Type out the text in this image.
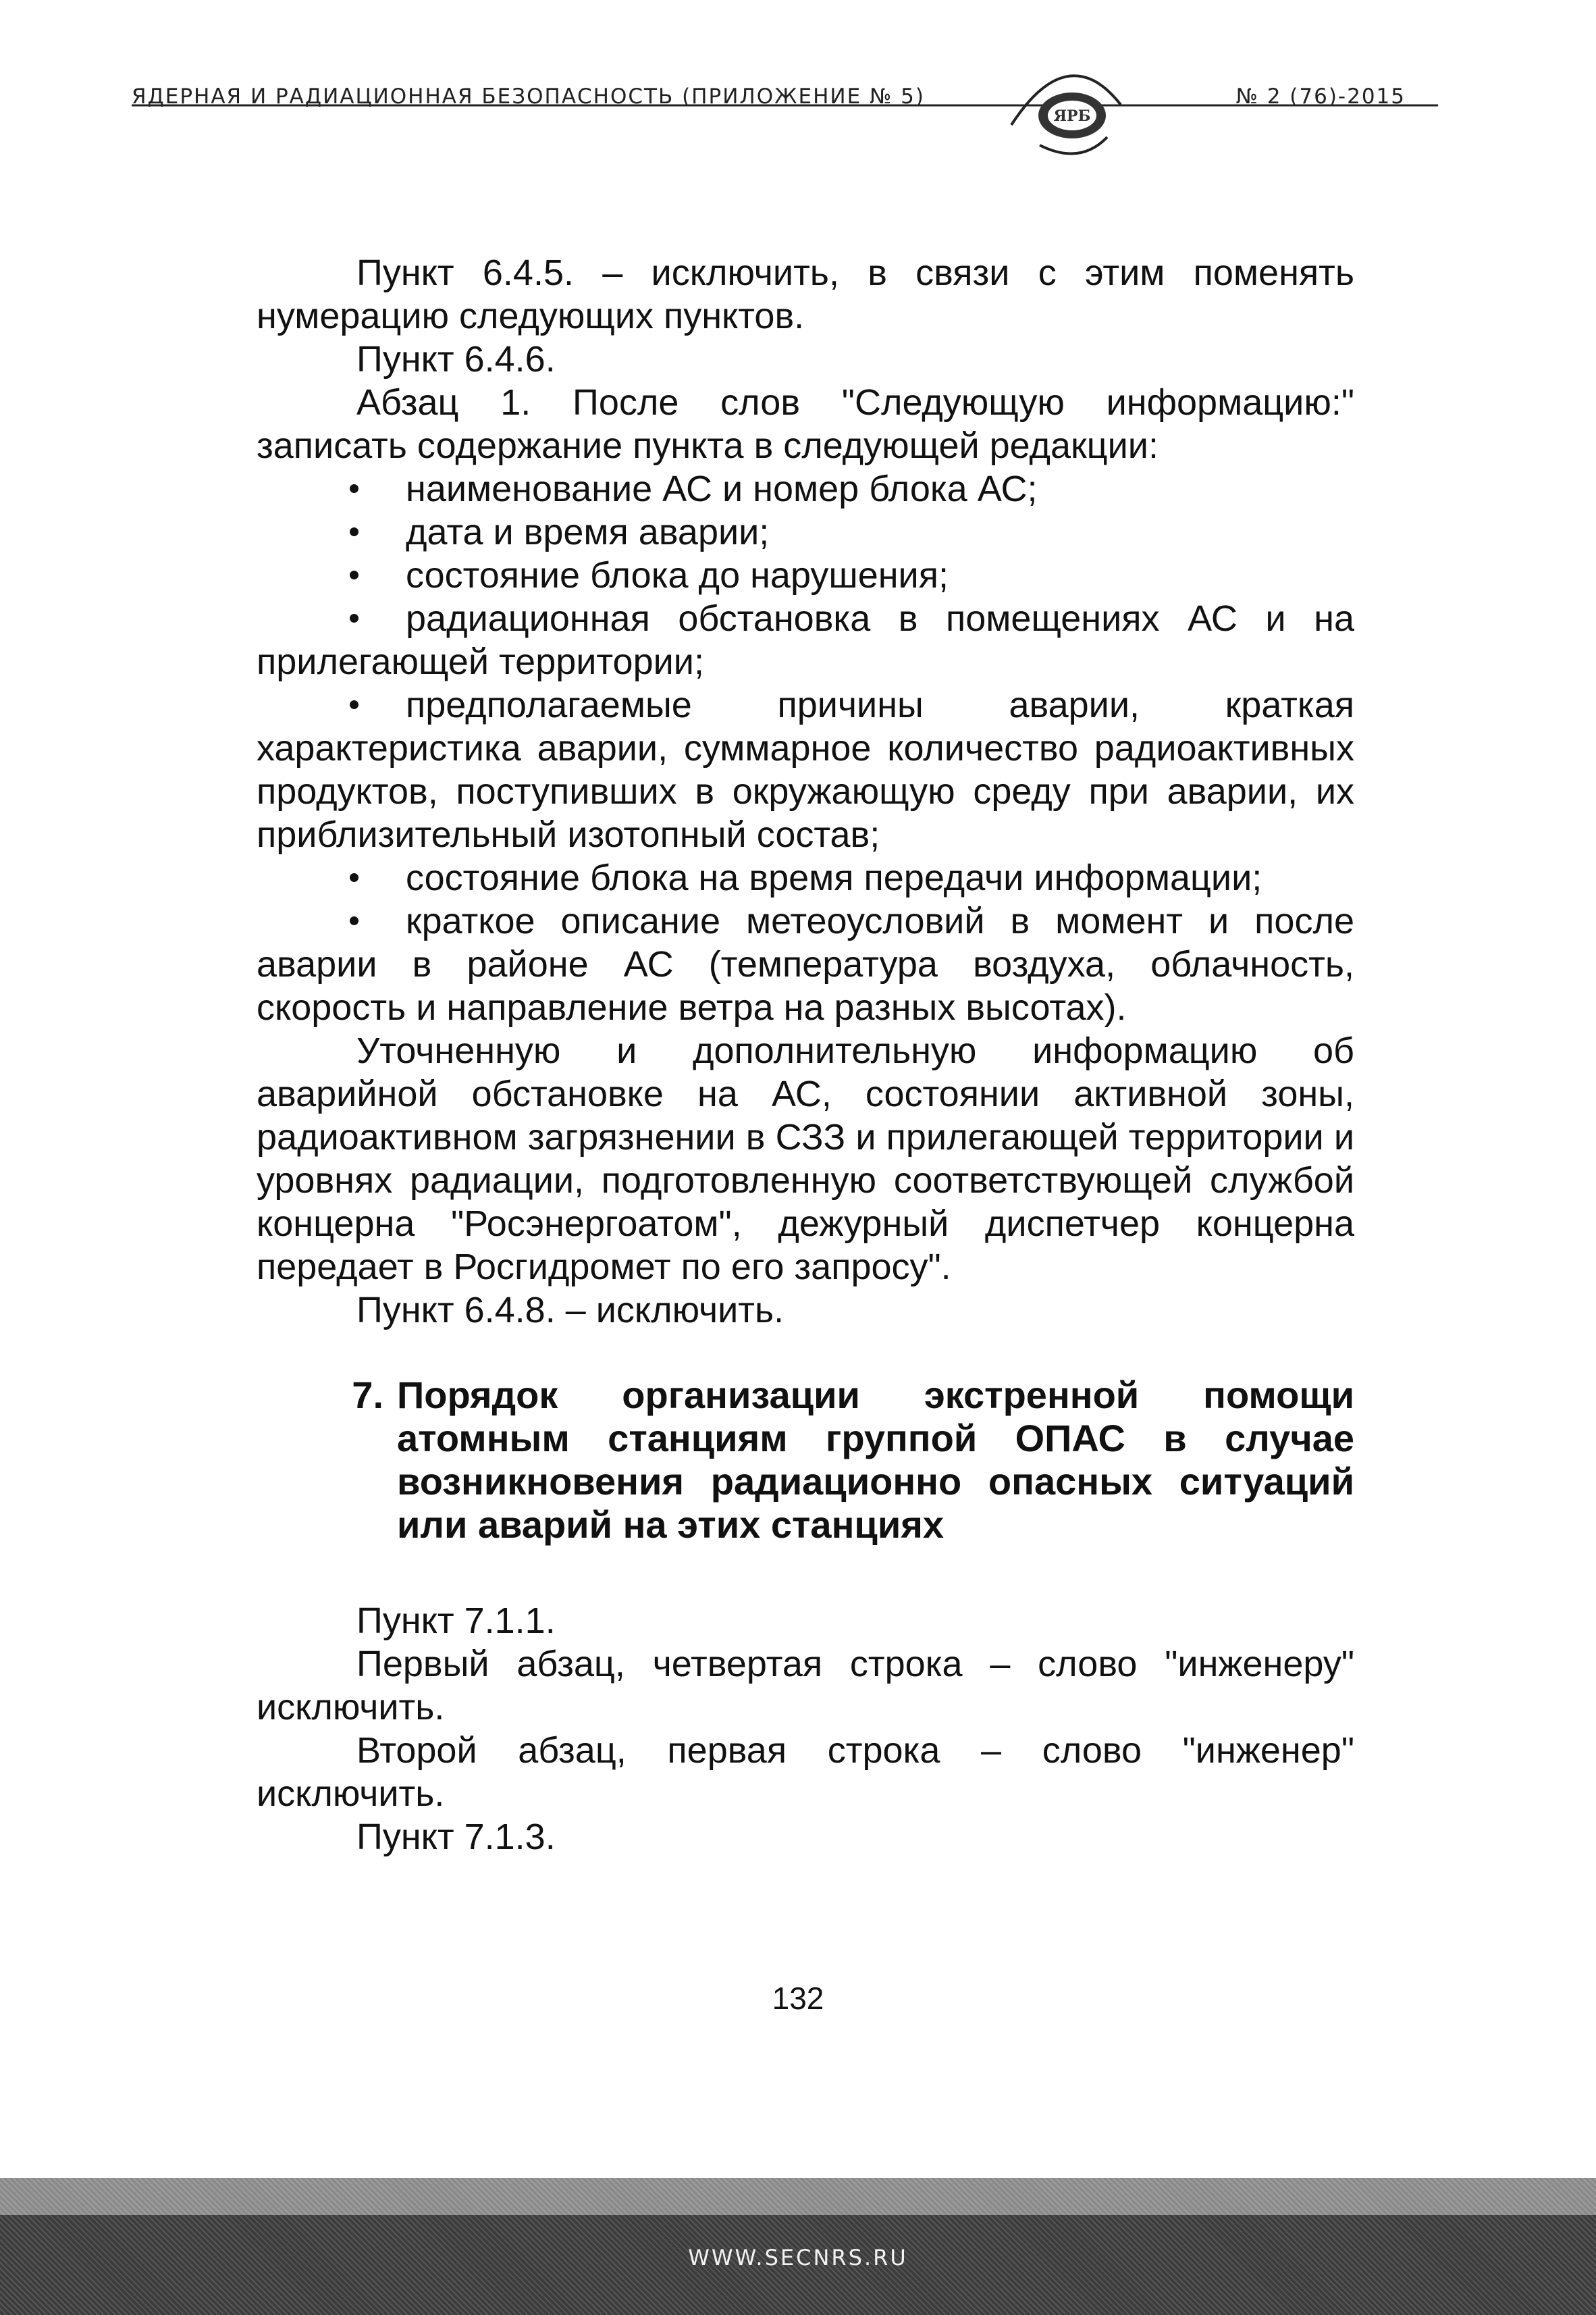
ЯДЕРНАЯ И РАДИАЦИОННАЯ БЕЗОПАСНОСТЬ (ПРИЛОЖЕНИЕ № 5)
ЯРБ
№ 2 (76)-2015

Пункт 6.4.5. – исключить, в связи с этим поменять нумерацию следующих пунктов.

Пункт 6.4.6.

Абзац 1. После слов "Следующую информацию:" записать содержание пункта в следующей редакции:

наименование АС и номер блока АС;

дата и время аварии;

состояние блока до нарушения;

радиационная обстановка в помещениях АС и на прилегающей территории;

предполагаемые причины аварии, краткая характеристика аварии, суммарное количество радиоактивных продуктов, поступивших в окружающую среду при аварии, их приблизительный изотопный состав;

состояние блока на время передачи информации;

краткое описание метеоусловий в момент и после аварии в районе АС (температура воздуха, облачность, скорость и направление ветра на разных высотах).

Уточненную и дополнительную информацию об аварийной обстановке на АС, состоянии активной зоны, радиоактивном загрязнении в СЗЗ и прилегающей территории и уровнях радиации, подготовленную соответствующей службой концерна "Росэнергоатом", дежурный диспетчер концерна передает в Росгидромет по его запросу".

Пункт 6.4.8. – исключить.

7. Порядок организации экстренной помощи атомным станциям группой ОПАС в случае возникновения радиационно опасных ситуаций или аварий на этих станциях

Пункт 7.1.1.

Первый абзац, четвертая строка – слово "инженеру" исключить.

Второй абзац, первая строка – слово "инженер" исключить.

Пункт 7.1.3.

132
WWW.SECNRS.RU
